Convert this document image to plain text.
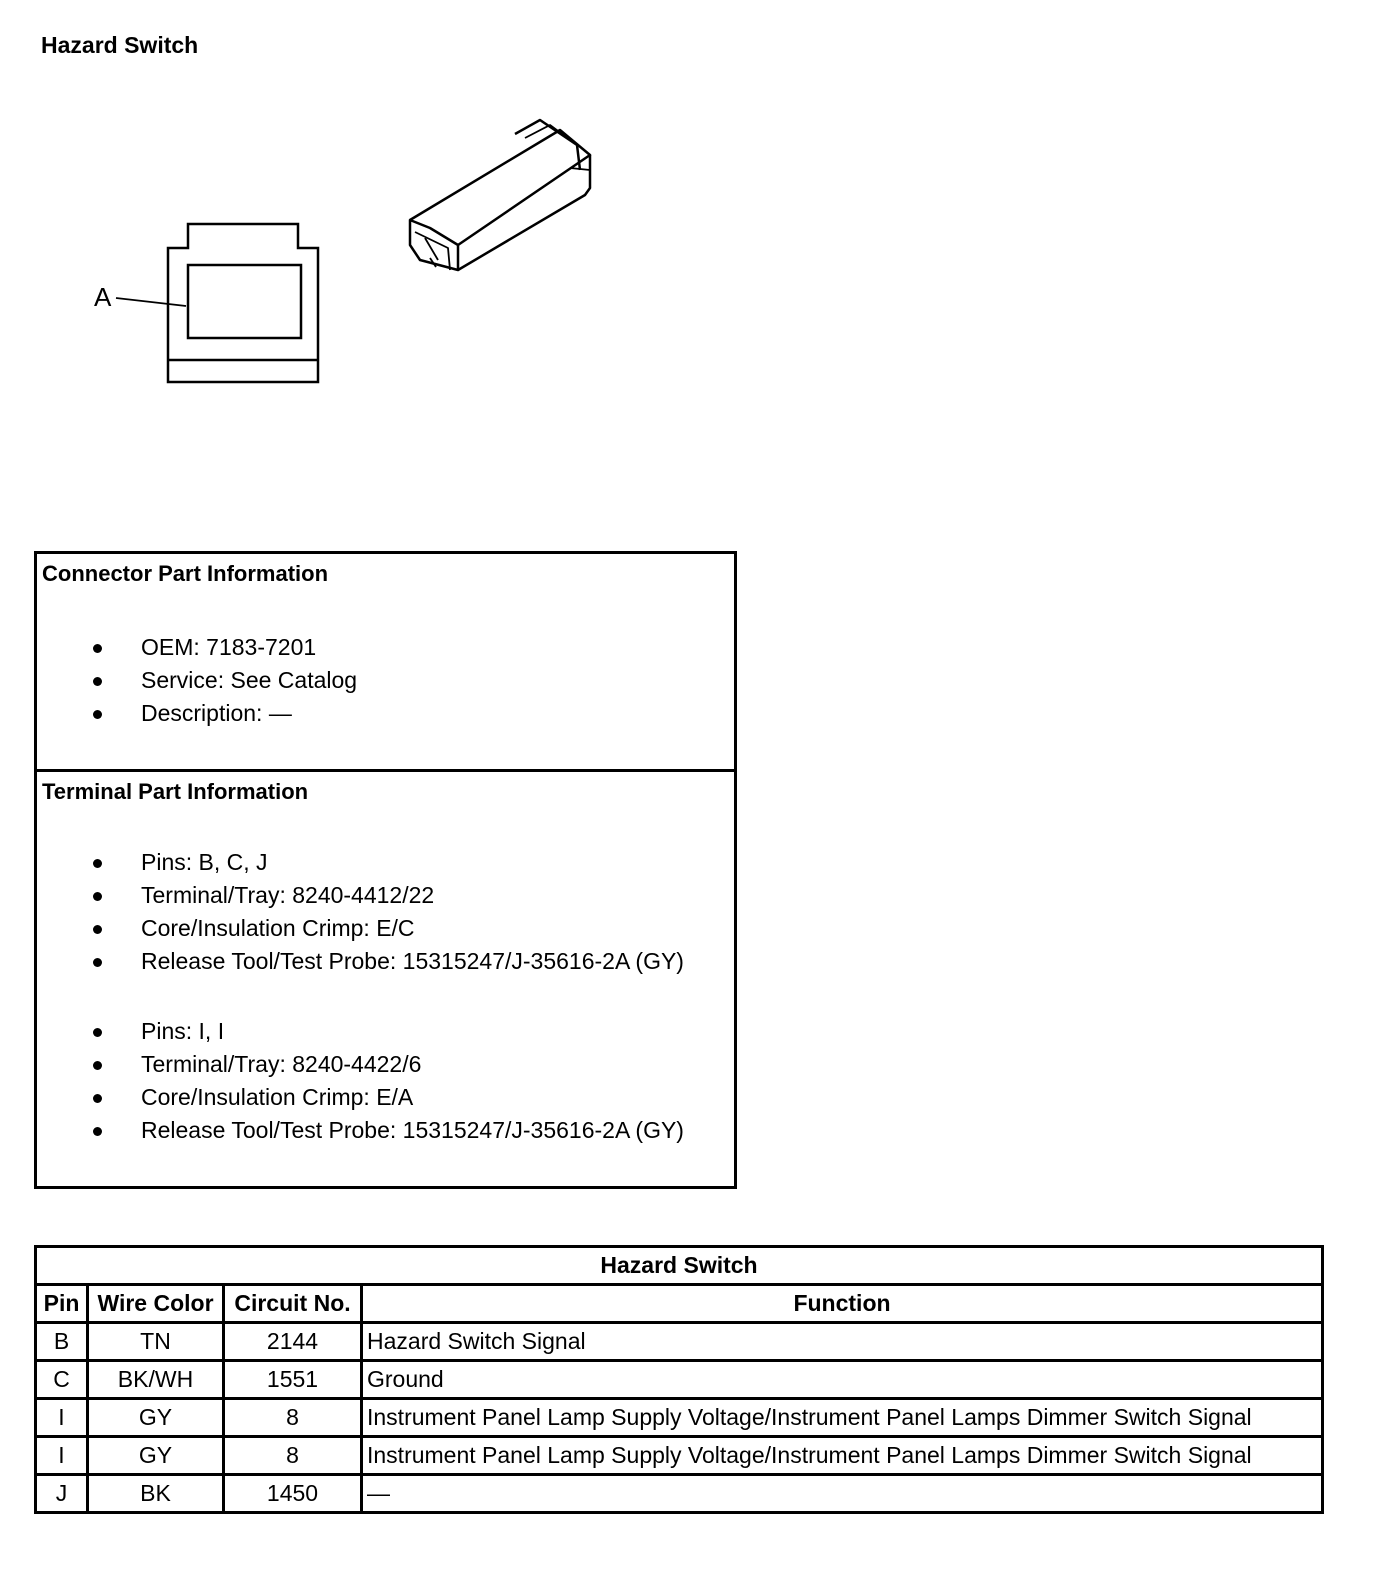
Hazard Switch
A
Connector Part Information
OEM: 7183-7201
Service: See Catalog
Description: —
Terminal Part Information
Pins: B, C, J
Terminal/Tray: 8240-4412/22
Core/Insulation Crimp: E/C
Release Tool/Test Probe: 15315247/J-35616-2A (GY)
Pins: I, I
Terminal/Tray: 8240-4422/6
Core/Insulation Crimp: E/A
Release Tool/Test Probe: 15315247/J-35616-2A (GY)
Hazard Switch			
Pin	Wire Color	Circuit No.	Function
B	TN	2144	Hazard Switch Signal
C	BK/WH	1551	Ground
I	GY	8	Instrument Panel Lamp Supply Voltage/Instrument Panel Lamps Dimmer Switch Signal
I	GY	8	Instrument Panel Lamp Supply Voltage/Instrument Panel Lamps Dimmer Switch Signal
J	BK	1450	—
